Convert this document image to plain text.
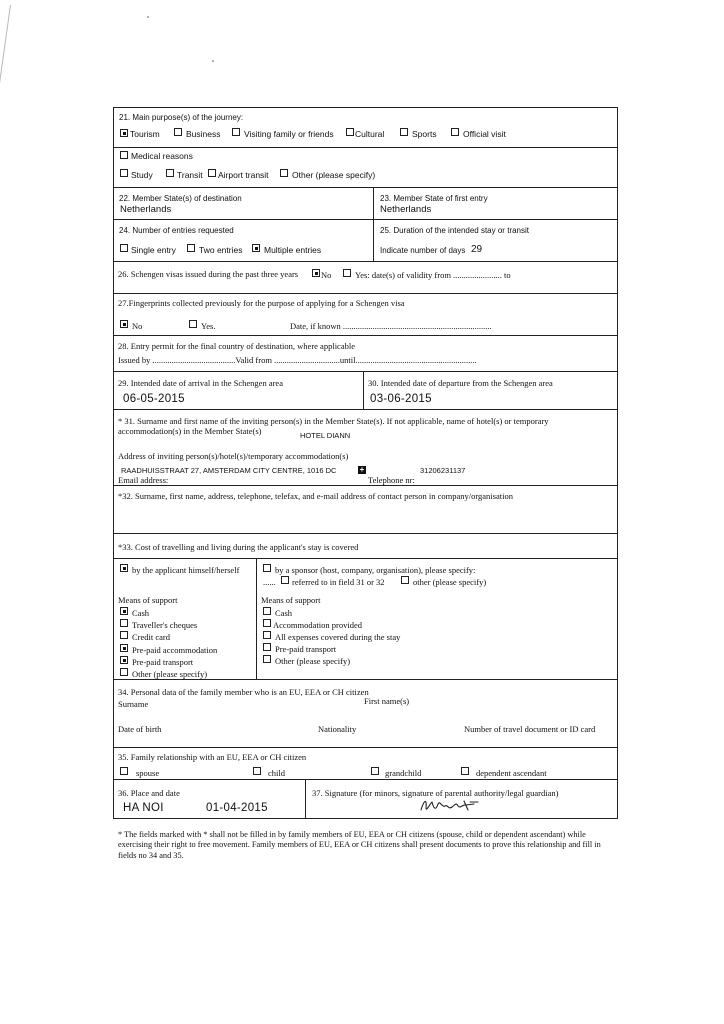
21. Main purpose(s) of the journey:
Tourism	Business	Visiting family or friends	Cultural	Sports	Official visit
Medical reasons
Study	Transit Airport transit	Other (please specify)
22. Member State(s) of destination
Netherlands
23. Member State of first entry
Netherlands
24. Number of entries requested
Single entry	Two entries	Multiple entries
25. Duration of the intended stay or transit
Indicate number of days 29
26. Schengen visas issued during the past three years	No	Yes: date(s) of validity from ....................... to
27.Fingerprints collected previously for the purpose of applying for a Schengen visa
No	Yes.	Date, if known ......................................................................
28. Entry permit for the final country of destination, where applicable
Issued by .......................................Valid from ...............................until.........................................................
29. Intended date of arrival in the Schengen area
06-05-2015
30. Intended date of departure from the Schengen area
03-06-2015
* 31. Surname and first name of the inviting person(s) in the Member State(s). If not applicable, name of hotel(s) or temporary
accommodation(s) in the Member State(s)	HOTEL DIANN
Address of inviting person(s)/hotel(s)/temporary accommodation(s)
RAADHUISSTRAAT 27, AMSTERDAM CITY CENTRE, 1016 DC	+	31206231137
Email address:	Telephone nr:
*32. Surname, first name, address, telephone, telefax, and e-mail address of contact person in company/organisation
*33. Cost of travelling and living during the applicant's stay is covered
by the applicant himself/herself	by a sponsor (host, company, organisation), please specify:
...... referred to in field 31 or 32	other (please specify)
Means of support
Cash
Traveller's cheques
Credit card
Pre-paid accommodation
Pre-paid transport
Other (please specify)
Means of support
Cash
Accommodation provided
All expenses covered during the stay
Pre-paid transport
Other (please specify)
34. Personal data of the family member who is an EU, EEA or CH citizen
Surname	First name(s)
Date of birth	Nationality	Number of travel document or ID card
35. Family relationship with an EU, EEA or CH citizen
spouse	child	grandchild	dependent ascendant
36. Place and date
HA NOI	01-04-2015
37. Signature (for minors, signature of parental authority/legal guardian)
* The fields marked with * shall not be filled in by family members of EU, EEA or CH citizens (spouse, child or dependent ascendant) while exercising their right to free movement. Family members of EU, EEA or CH citizens shall present documents to prove this relationship and fill in fields no 34 and 35.
